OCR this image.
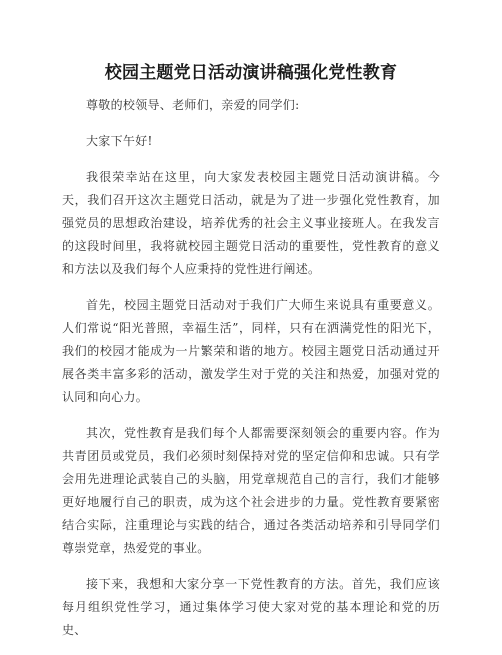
校园主题党日活动演讲稿强化党性教育

尊敬的校领导、老师们，亲爱的同学们:

大家下午好!

我很荣幸站在这里，向大家发表校园主题党日活动演讲稿。今天，我们召开这次主题党日活动，就是为了进一步强化党性教育，加强党员的思想政治建设，培养优秀的社会主义事业接班人。在我发言的这段时间里，我将就校园主题党日活动的重要性，党性教育的意义和方法以及我们每个人应秉持的党性进行阐述。

首先，校园主题党日活动对于我们广大师生来说具有重要意义。人们常说“阳光普照，幸福生活”，同样，只有在洒满党性的阳光下，我们的校园才能成为一片繁荣和谐的地方。校园主题党日活动通过开展各类丰富多彩的活动，激发学生对于党的关注和热爱，加强对党的认同和向心力。

其次，党性教育是我们每个人都需要深刻领会的重要内容。作为共青团员或党员，我们必须时刻保持对党的坚定信仰和忠诚。只有学会用先进理论武装自己的头脑，用党章规范自己的言行，我们才能够更好地履行自己的职责，成为这个社会进步的力量。党性教育要紧密结合实际，注重理论与实践的结合，通过各类活动培养和引导同学们尊崇党章，热爱党的事业。

接下来，我想和大家分享一下党性教育的方法。首先，我们应该每月组织党性学习，通过集体学习使大家对党的基本理论和党的历史、
